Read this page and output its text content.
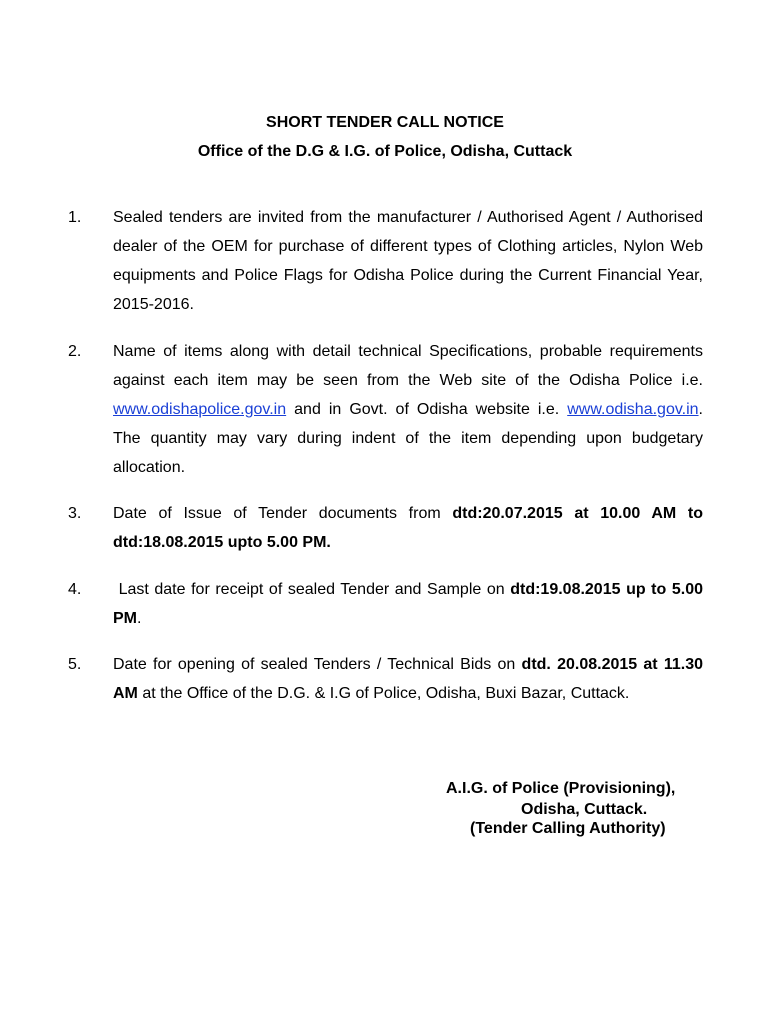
SHORT TENDER CALL NOTICE
Office of the D.G & I.G. of Police, Odisha, Cuttack
1. Sealed tenders are invited from the manufacturer / Authorised Agent / Authorised dealer of the OEM for purchase of different types of Clothing articles, Nylon Web equipments and Police Flags for Odisha Police during the Current Financial Year, 2015-2016.
2. Name of items along with detail technical Specifications, probable requirements against each item may be seen from the Web site of the Odisha Police i.e. www.odishapolice.gov.in and in Govt. of Odisha website i.e. www.odisha.gov.in. The quantity may vary during indent of the item depending upon budgetary allocation.
3. Date of Issue of Tender documents from dtd:20.07.2015 at 10.00 AM to dtd:18.08.2015 upto 5.00 PM.
4. Last date for receipt of sealed Tender and Sample on dtd:19.08.2015 up to 5.00 PM.
5. Date for opening of sealed Tenders / Technical Bids on dtd. 20.08.2015 at 11.30 AM at the Office of the D.G. & I.G of Police, Odisha, Buxi Bazar, Cuttack.
A.I.G. of Police (Provisioning),
Odisha, Cuttack.
(Tender Calling Authority)
